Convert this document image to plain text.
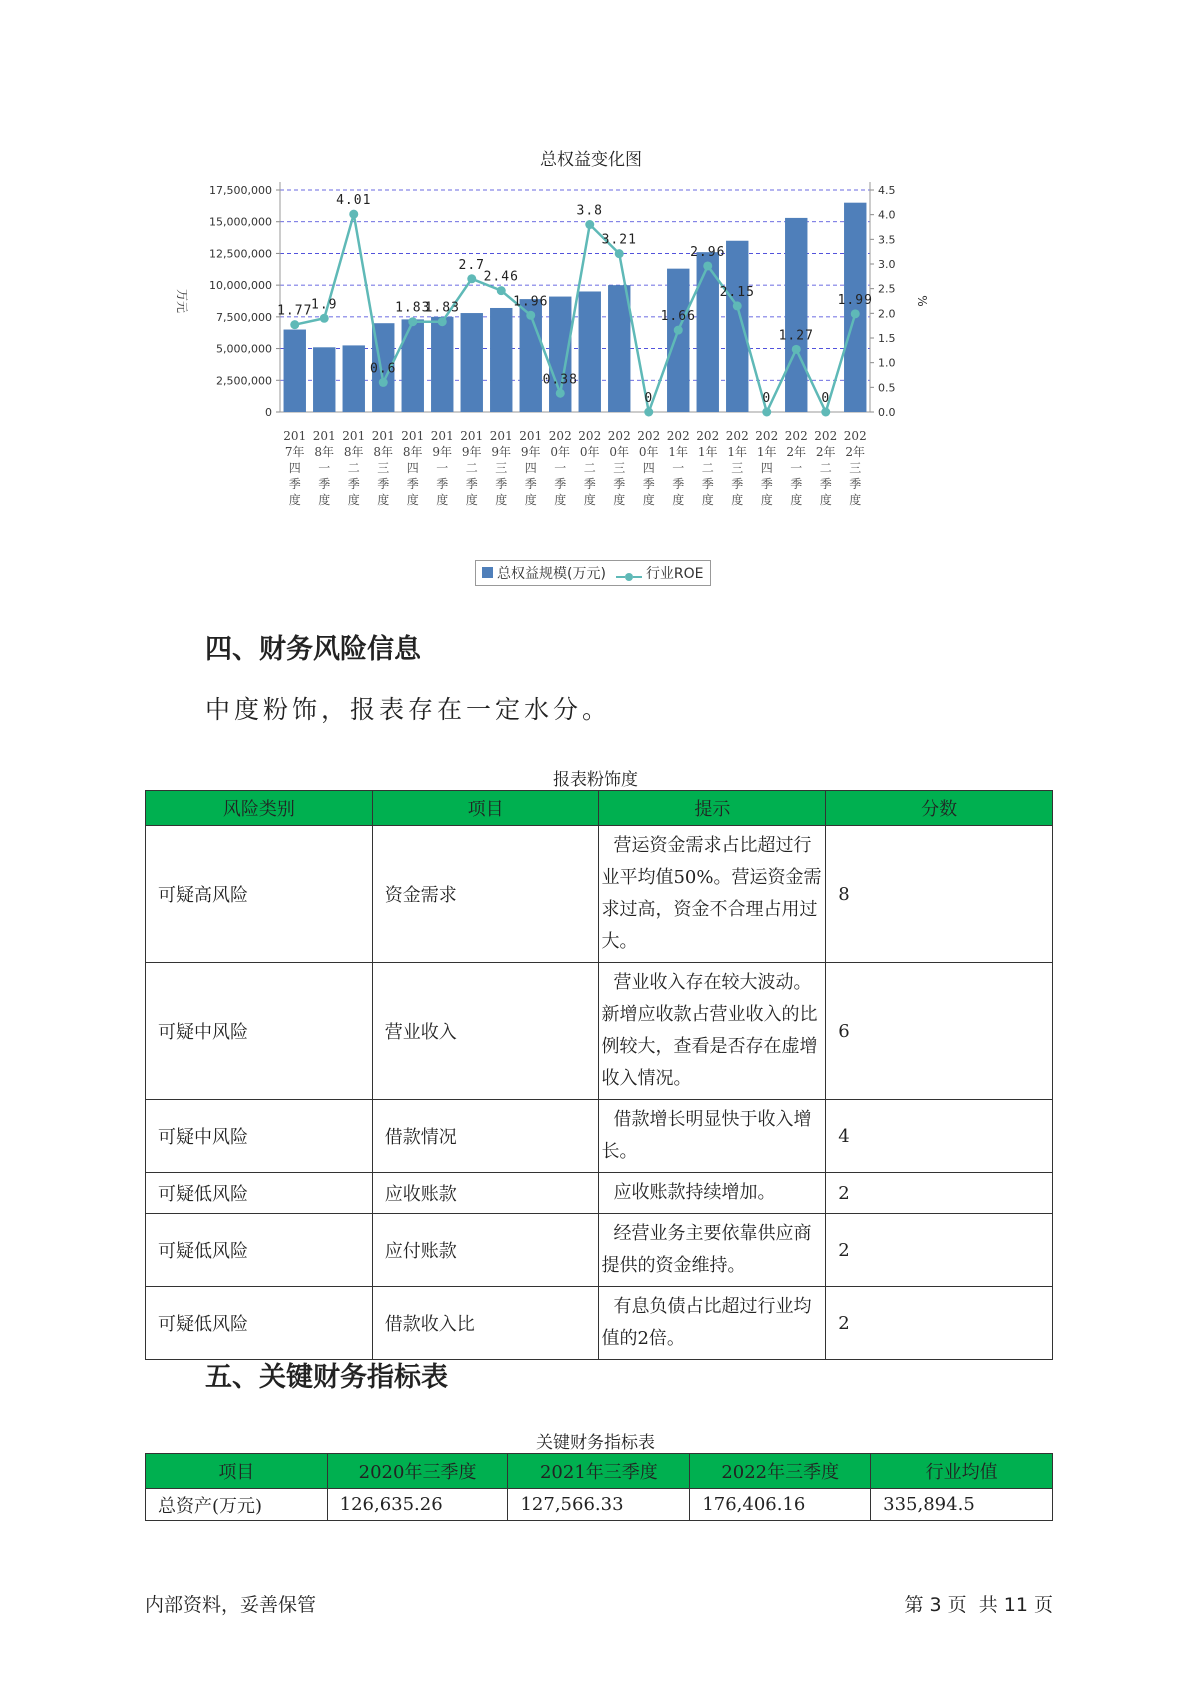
总权益变化图
0
2,500,000
5,000,000
7,500,000
10,000,000
12,500,000
15,000,000
17,500,000
0.0
0.5
1.0
1.5
2.0
2.5
3.0
3.5
4.0
4.5
万元	%
1.77
1.9
4.01
0.6
1.83
1.83
2.7
2.46
1.96
0.38
3.8
3.21
0
1.66
2.96
2.15
0
1.27
0
1.99
201
7年
四
季
度
201
8年
一
季
度
201
8年
二
季
度
201
8年
三
季
度
201
8年
四
季
度
201
9年
一
季
度
201
9年
二
季
度
201
9年
三
季
度
201
9年
四
季
度
202
0年
一
季
度
202
0年
二
季
度
202
0年
三
季
度
202
0年
四
季
度
202
1年
一
季
度
202
1年
二
季
度
202
1年
三
季
度
202
1年
四
季
度
202
2年
一
季
度
202
2年
二
季
度
202
2年
三
季
度
总权益规模(万元)	行业ROE
四、财务风险信息
中度粉饰，报表存在一定水分。
报表粉饰度
风险类别	项目	提示	分数
可疑高风险	资金需求	营运资金需求占比超过行业平均值50%。营运资金需求过高，资金不合理占用过大。	8
可疑中风险	营业收入	营业收入存在较大波动。新增应收款占营业收入的比例较大，查看是否存在虚增收入情况。	6
可疑中风险	借款情况	借款增长明显快于收入增长。	4
可疑低风险	应收账款	应收账款持续增加。	2
可疑低风险	应付账款	经营业务主要依靠供应商提供的资金维持。	2
可疑低风险	借款收入比	有息负债占比超过行业均值的2倍。	2
五、关键财务指标表
关键财务指标表
项目	2020年三季度	2021年三季度	2022年三季度	行业均值
总资产(万元)	126,635.26	127,566.33	176,406.16	335,894.5
内部资料，妥善保管	第 3 页  共 11 页
